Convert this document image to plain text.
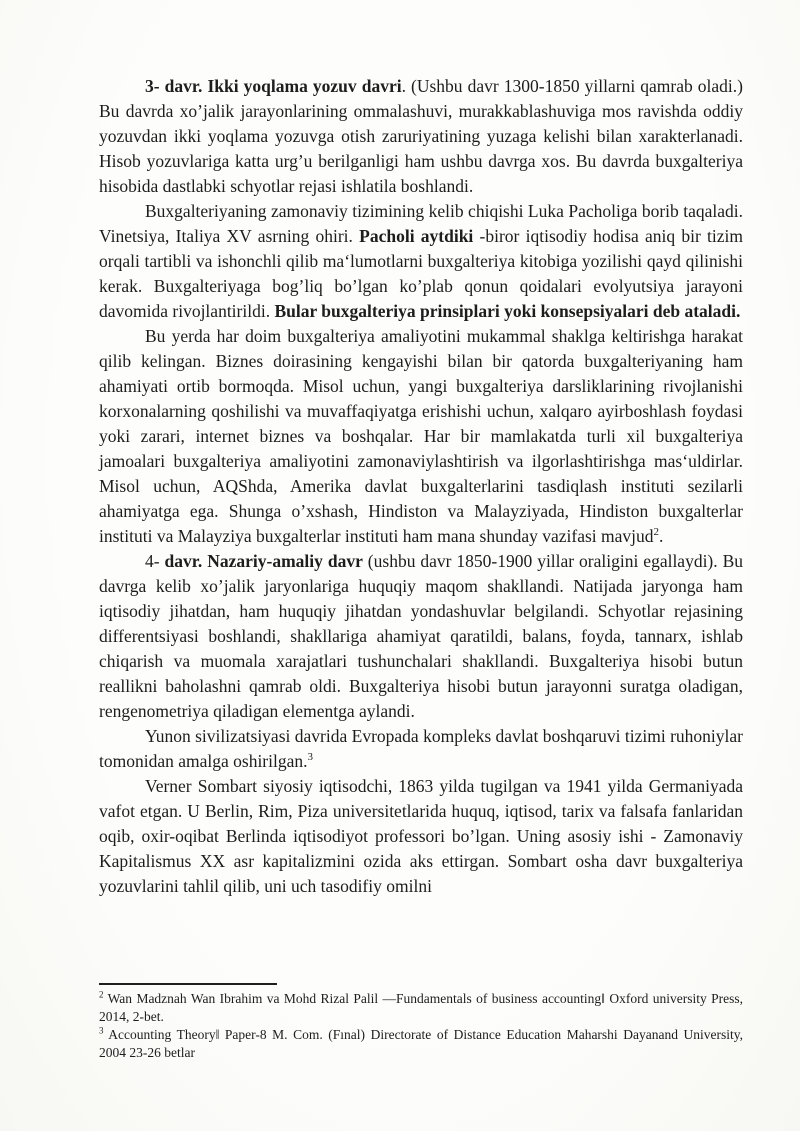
3- davr. Ikki yoqlama yozuv davri. (Ushbu davr 1300-1850 yillarni qamrab oladi.) Bu davrda xo’jalik jarayonlarining ommalashuvi, murakkablashuviga mos ravishda oddiy yozuvdan ikki yoqlama yozuvga otish zaruriyatining yuzaga kelishi bilan xarakterlanadi. Hisob yozuvlariga katta urg’u berilganligi ham ushbu davrga xos. Bu davrda buxgalteriya hisobida dastlabki schyotlar rejasi ishlatila boshlandi.

Buxgalteriyaning zamonaviy tizimining kelib chiqishi Luka Pacholiga borib taqaladi. Vinetsiya, Italiya XV asrning ohiri. Pacholi aytdiki -biror iqtisodiy hodisa aniq bir tizim orqali tartibli va ishonchli qilib ma‘lumotlarni buxgalteriya kitobiga yozilishi qayd qilinishi kerak. Buxgalteriyaga bog’liq bo’lgan ko’plab qonun qoidalari evolyutsiya jarayoni davomida rivojlantirildi. Bular buxgalteriya prinsiplari yoki konsepsiyalari deb ataladi.

Bu yerda har doim buxgalteriya amaliyotini mukammal shaklga keltirishga harakat qilib kelingan. Biznes doirasining kengayishi bilan bir qatorda buxgalteriyaning ham ahamiyati ortib bormoqda. Misol uchun, yangi buxgalteriya darsliklarining rivojlanishi korxonalarning qoshilishi va muvaffaqiyatga erishishi uchun, xalqaro ayirboshlash foydasi yoki zarari, internet biznes va boshqalar. Har bir mamlakatda turli xil buxgalteriya jamoalari buxgalteriya amaliyotini zamonaviylashtirish va ilgorlashtirishga mas‘uldirlar. Misol uchun, AQShda, Amerika davlat buxgalterlarini tasdiqlash instituti sezilarli ahamiyatga ega. Shunga o’xshash, Hindiston va Malayziyada, Hindiston buxgalterlar instituti va Malayziya buxgalterlar instituti ham mana shunday vazifasi mavjud$^2$.

4- davr. Nazariy-amaliy davr (ushbu davr 1850-1900 yillar oraligini egallaydi). Bu davrga kelib xo’jalik jaryonlariga huquqiy maqom shakllandi. Natijada jaryonga ham iqtisodiy jihatdan, ham huquqiy jihatdan yondashuvlar belgilandi. Schyotlar rejasining differentsiyasi boshlandi, shakllariga ahamiyat qaratildi, balans, foyda, tannarx, ishlab chiqarish va muomala xarajatlari tushunchalari shakllandi. Buxgalteriya hisobi butun reallikni baholashni qamrab oldi. Buxgalteriya hisobi butun jarayonni suratga oladigan, rengenometriya qiladigan elementga aylandi.

Yunon sivilizatsiyasi davrida Evropada kompleks davlat boshqaruvi tizimi ruhoniylar tomonidan amalga oshirilgan.$^3$

Verner Sombart siyosiy iqtisodchi, 1863 yilda tugilgan va 1941 yilda Germaniyada vafot etgan. U Berlin, Rim, Piza universitetlarida huquq, iqtisod, tarix va falsafa fanlaridan oqib, oxir-oqibat Berlinda iqtisodiyot professori bo’lgan. Uning asosiy ishi - Zamonaviy Kapitalismus XX asr kapitalizmini ozida aks ettirgan. Sombart osha davr buxgalteriya yozuvlarini tahlil qilib, uni uch tasodifiy omilni

$^2$ Wan Madznah Wan Ibrahim va Mohd Rizal Palil —Fundamentals of business accounting‖ Oxford university Press, 2014, 2-bet.

$^3$ Accounting Theory‖ Paper-8 M. Com. (Fınal) Directorate of Distance Education Maharshi Dayanand University, 2004 23-26 betlar
